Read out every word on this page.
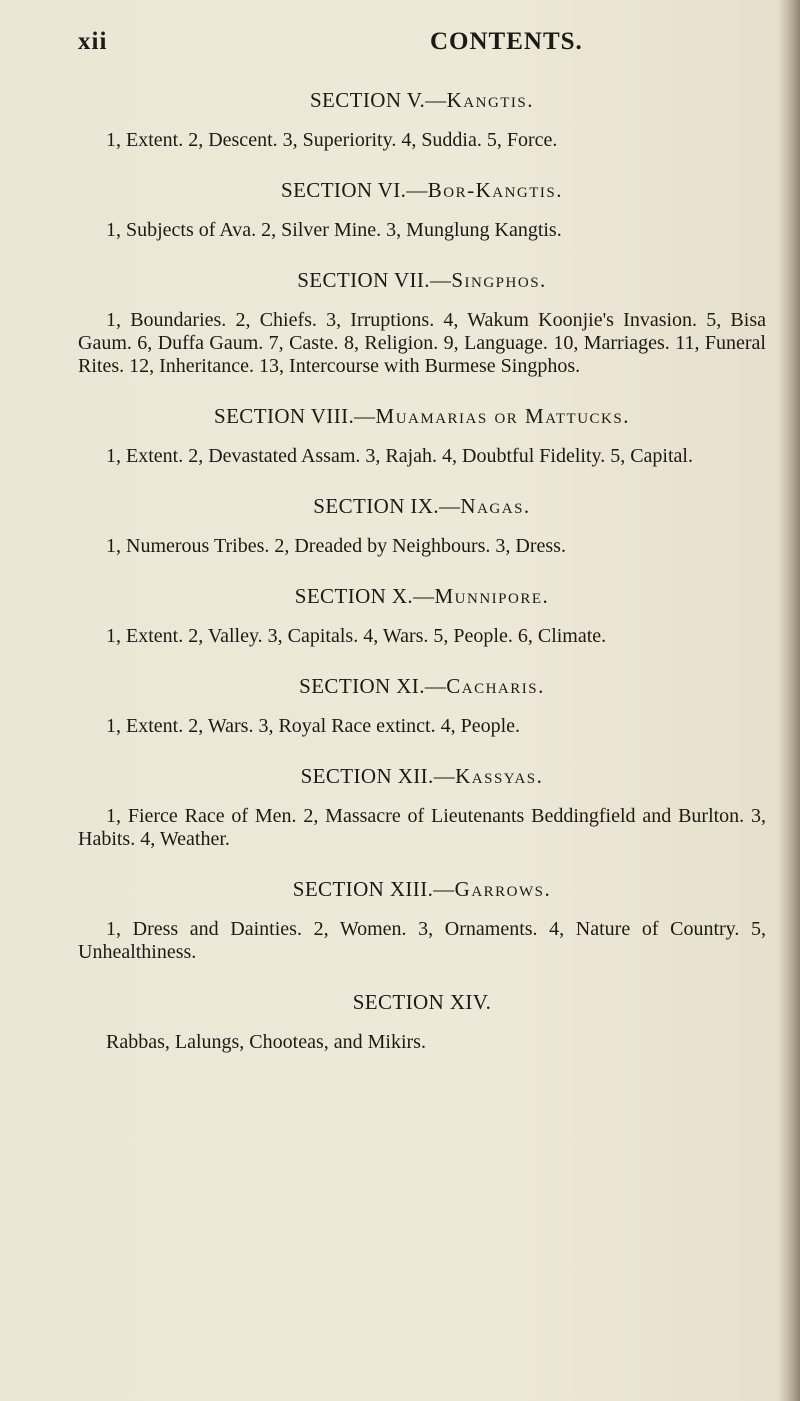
xii	CONTENTS.
SECTION V.—Kangtis.

1, Extent. 2, Descent. 3, Superiority. 4, Suddia. 5, Force.

SECTION VI.—Bor-Kangtis.

1, Subjects of Ava. 2, Silver Mine. 3, Munglung Kangtis.

SECTION VII.—Singphos.

1, Boundaries. 2, Chiefs. 3, Irruptions. 4, Wakum Koonjie's Invasion. 5, Bisa Gaum. 6, Duffa Gaum. 7, Caste. 8, Religion. 9, Language. 10, Marriages. 11, Funeral Rites. 12, Inheritance. 13, Intercourse with Burmese Singphos.

SECTION VIII.—Muamarias or Mattucks.

1, Extent. 2, Devastated Assam. 3, Rajah. 4, Doubtful Fidelity. 5, Capital.

SECTION IX.—Nagas.

1, Numerous Tribes. 2, Dreaded by Neighbours. 3, Dress.

SECTION X.—Munnipore.

1, Extent. 2, Valley. 3, Capitals. 4, Wars. 5, People. 6, Climate.

SECTION XI.—Cacharis.

1, Extent. 2, Wars. 3, Royal Race extinct. 4, People.

SECTION XII.—Kassyas.

1, Fierce Race of Men. 2, Massacre of Lieutenants Beddingfield and Burlton. 3, Habits. 4, Weather.

SECTION XIII.—Garrows.

1, Dress and Dainties. 2, Women. 3, Ornaments. 4, Nature of Country. 5, Unhealthiness.

SECTION XIV.

Rabbas, Lalungs, Chooteas, and Mikirs.
